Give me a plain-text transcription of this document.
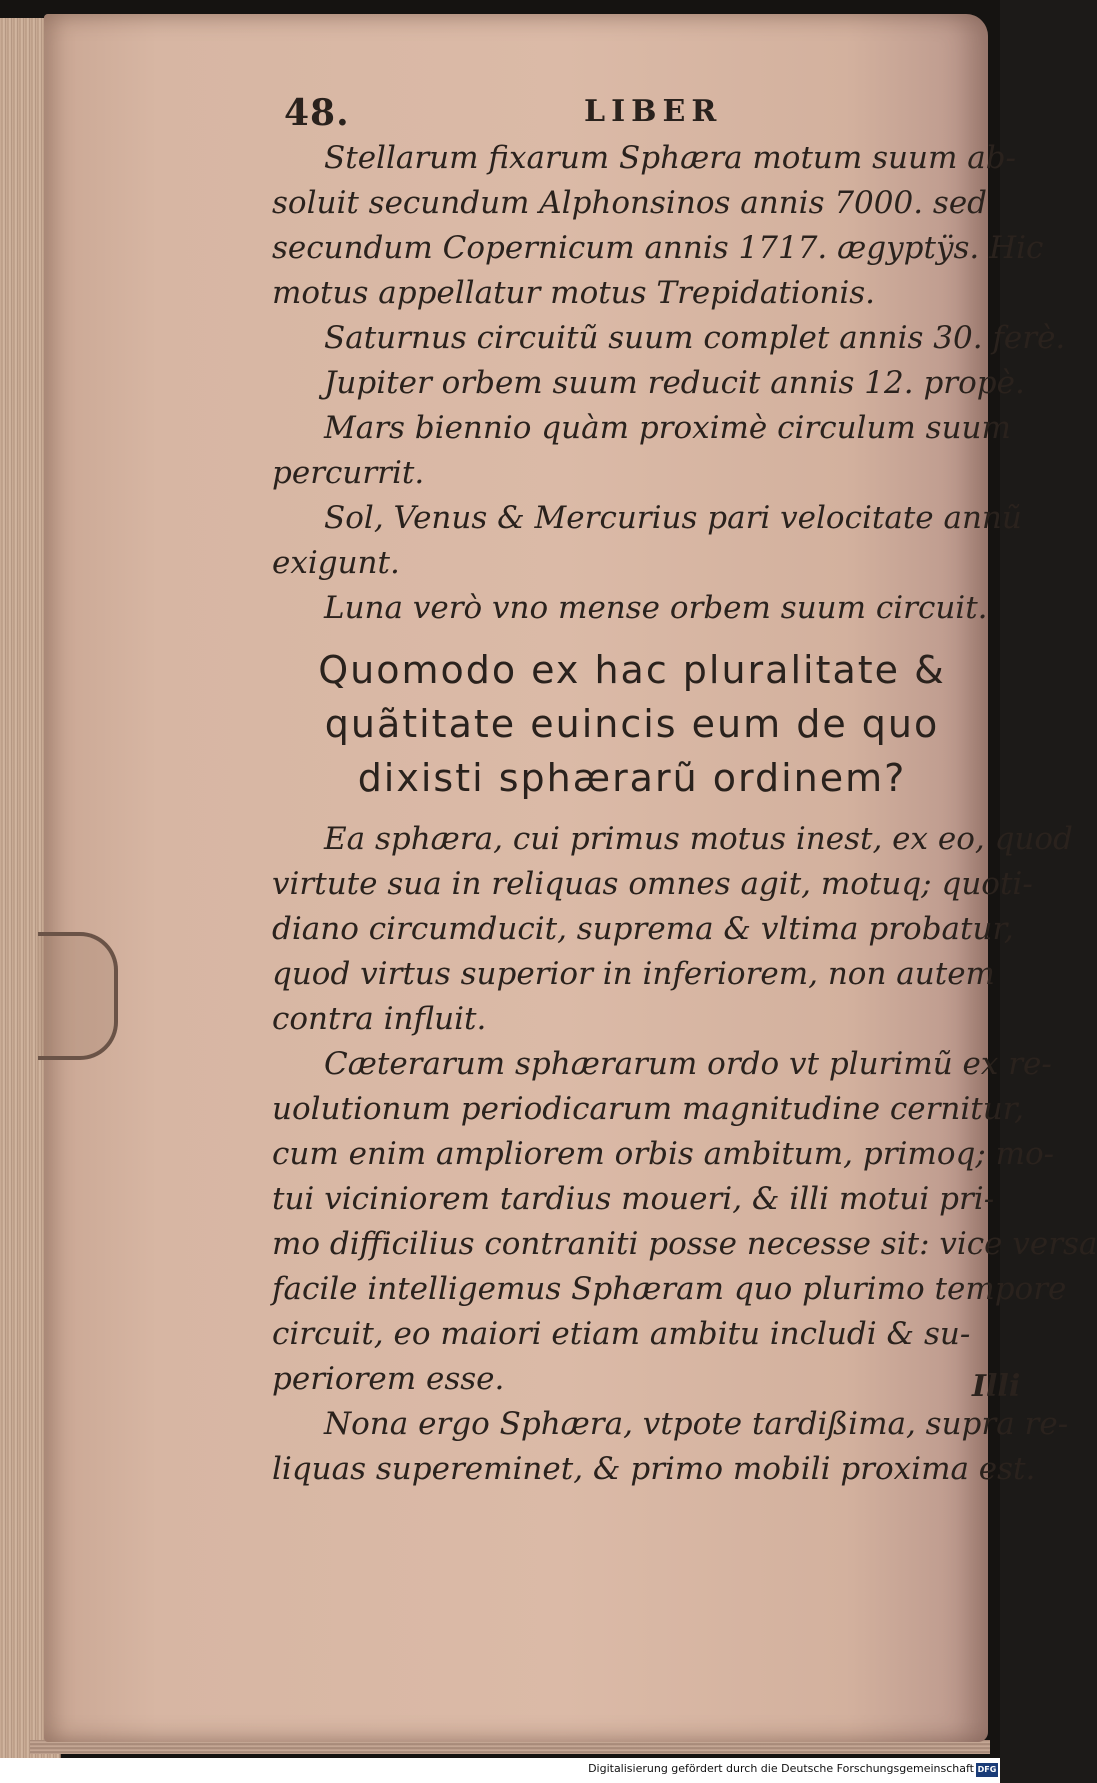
48.	LIBER
Stellarum fixarum Sphæra motum suum ab-
soluit secundum Alphonsinos annis 7000. sed
secundum Copernicum annis 1717. ægyptÿs. Hic
motus appellatur motus Trepidationis.
Saturnus circuitũ suum complet annis 30. ferè.
Jupiter orbem suum reducit annis 12. propè.
Mars biennio quàm proximè circulum suum
percurrit.
Sol, Venus & Mercurius pari velocitate annũ
exigunt.
Luna verò vno mense orbem suum circuit.
Quomodo ex hac pluralitate &
quãtitate euincis eum de quo
dixisti sphærarũ ordinem?
Ea sphæra, cui primus motus inest, ex eo, quod
virtute sua in reliquas omnes agit, motuq; quoti-
diano circumducit, suprema & vltima probatur,
quod virtus superior in inferiorem, non autem
contra influit.
Cæterarum sphærarum ordo vt plurimũ ex re-
uolutionum periodicarum magnitudine cernitur,
cum enim ampliorem orbis ambitum, primoq; mo-
tui viciniorem tardius moueri, & illi motui pri-
mo difficilius contraniti posse necesse sit: vice versa
facile intelligemus Sphæram quo plurimo tempore
circuit, eo maiori etiam ambitu includi & su-
periorem esse.
Nona ergo Sphæra, vtpote tardißima, supra re-
liquas supereminet, & primo mobili proxima est.
Illi
Digitalisierung gefördert durch die Deutsche Forschungsgemeinschaft DFG
